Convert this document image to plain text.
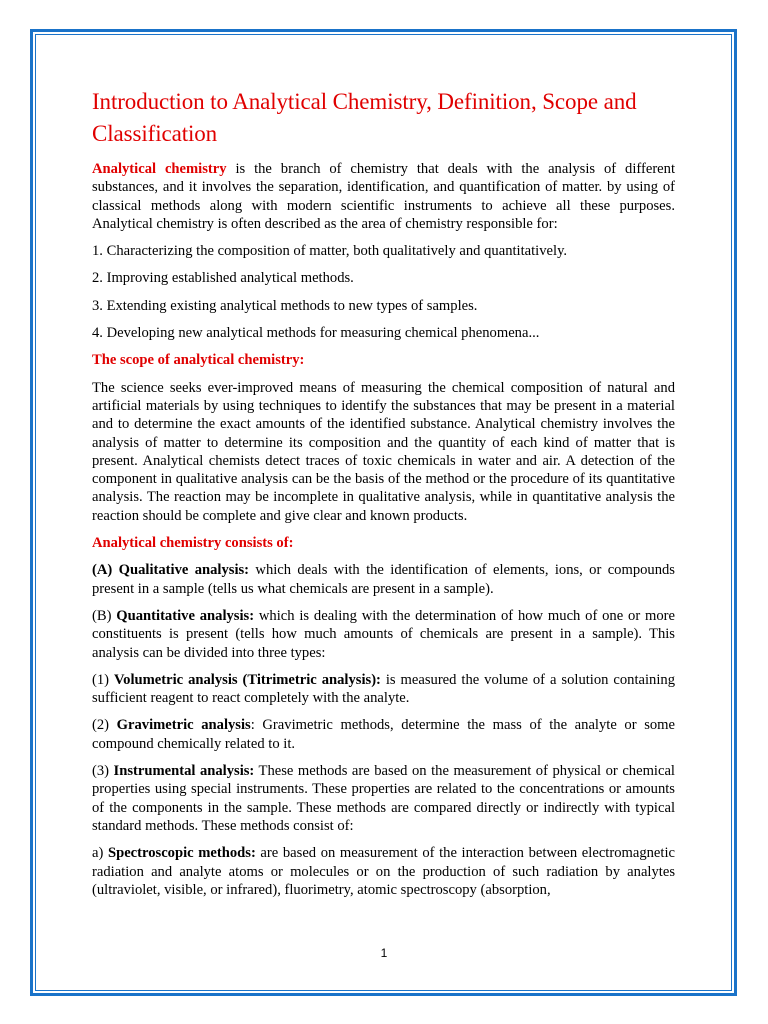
Introduction to Analytical Chemistry, Definition, Scope and Classification

Analytical chemistry is the branch of chemistry that deals with the analysis of different substances, and it involves the separation, identification, and quantification of matter. by using of classical methods along with modern scientific instruments to achieve all these purposes. Analytical chemistry is often described as the area of chemistry responsible for:

1. Characterizing the composition of matter, both qualitatively and quantitatively.

2. Improving established analytical methods.

3. Extending existing analytical methods to new types of samples.

4. Developing new analytical methods for measuring chemical phenomena...

The scope of analytical chemistry:

The science seeks ever-improved means of measuring the chemical composition of natural and artificial materials by using techniques to identify the substances that may be present in a material and to determine the exact amounts of the identified substance. Analytical chemistry involves the analysis of matter to determine its composition and the quantity of each kind of matter that is present. Analytical chemists detect traces of toxic chemicals in water and air. A detection of the component in qualitative analysis can be the basis of the method or the procedure of its quantitative analysis. The reaction may be incomplete in qualitative analysis, while in quantitative analysis the reaction should be complete and give clear and known products.

Analytical chemistry consists of:

(A) Qualitative analysis: which deals with the identification of elements, ions, or compounds present in a sample (tells us what chemicals are present in a sample).

(B) Quantitative analysis: which is dealing with the determination of how much of one or more constituents is present (tells how much amounts of chemicals are present in a sample). This analysis can be divided into three types:

(1) Volumetric analysis (Titrimetric analysis): is measured the volume of a solution containing sufficient reagent to react completely with the analyte.

(2) Gravimetric analysis: Gravimetric methods, determine the mass of the analyte or some compound chemically related to it.

(3) Instrumental analysis: These methods are based on the measurement of physical or chemical properties using special instruments. These properties are related to the concentrations or amounts of the components in the sample. These methods are compared directly or indirectly with typical standard methods. These methods consist of:

a) Spectroscopic methods: are based on measurement of the interaction between electromagnetic radiation and analyte atoms or molecules or on the production of such radiation by analytes (ultraviolet, visible, or infrared), fluorimetry, atomic spectroscopy (absorption,

1
